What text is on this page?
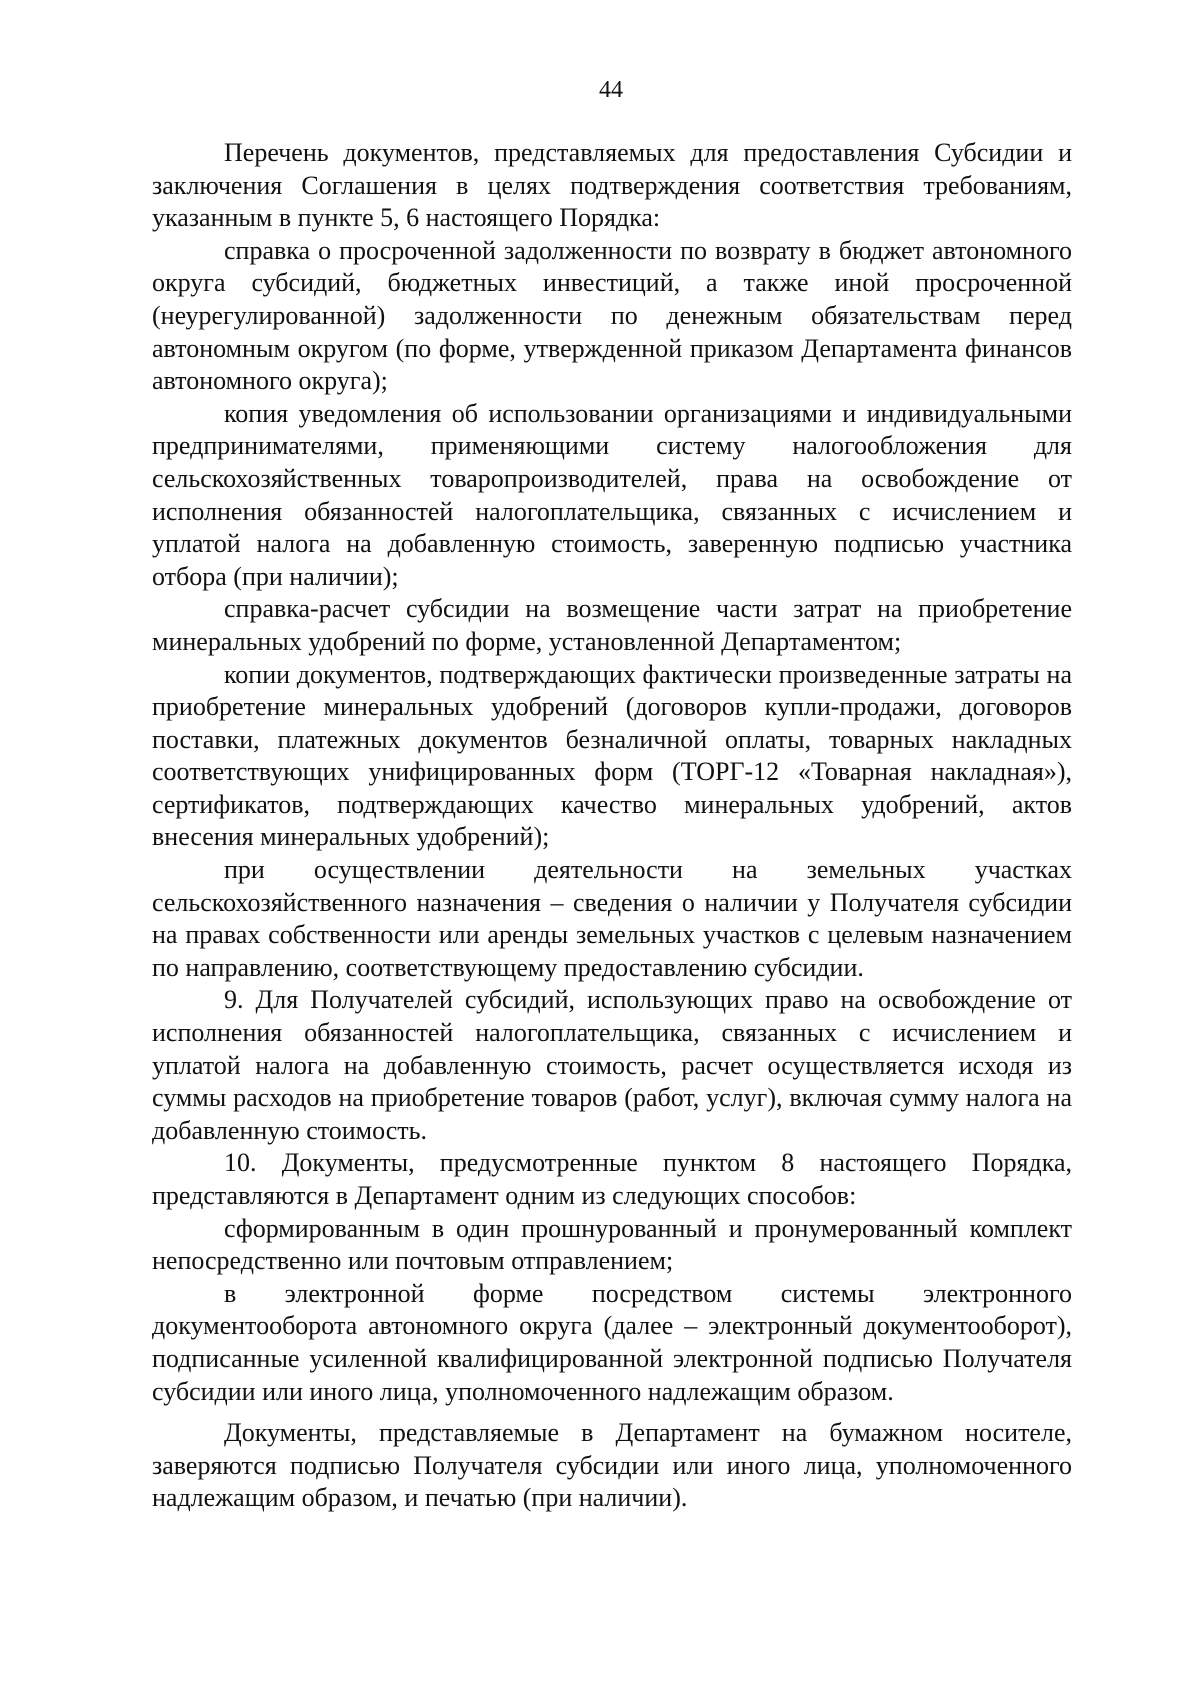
44

Перечень документов, представляемых для предоставления Субсидии и заключения Соглашения в целях подтверждения соответствия требованиям, указанным в пункте 5, 6 настоящего Порядка:

справка о просроченной задолженности по возврату в бюджет автономного округа субсидий, бюджетных инвестиций, а также иной просроченной (неурегулированной) задолженности по денежным обязательствам перед автономным округом (по форме, утвержденной приказом Департамента финансов автономного округа);

копия уведомления об использовании организациями и индивидуальными предпринимателями, применяющими систему налогообложения для сельскохозяйственных товаропроизводителей, права на освобождение от исполнения обязанностей налогоплательщика, связанных с исчислением и уплатой налога на добавленную стоимость, заверенную подписью участника отбора (при наличии);

справка-расчет субсидии на возмещение части затрат на приобретение минеральных удобрений по форме, установленной Департаментом;

копии документов, подтверждающих фактически произведенные затраты на приобретение минеральных удобрений (договоров купли-продажи, договоров поставки, платежных документов безналичной оплаты, товарных накладных соответствующих унифицированных форм (ТОРГ-12 «Товарная накладная»), сертификатов, подтверждающих качество минеральных удобрений, актов внесения минеральных удобрений);

при осуществлении деятельности на земельных участках сельскохозяйственного назначения – сведения о наличии у Получателя субсидии на правах собственности или аренды земельных участков с целевым назначением по направлению, соответствующему предоставлению субсидии.

9. Для Получателей субсидий, использующих право на освобождение от исполнения обязанностей налогоплательщика, связанных с исчислением и уплатой налога на добавленную стоимость, расчет осуществляется исходя из суммы расходов на приобретение товаров (работ, услуг), включая сумму налога на добавленную стоимость.

10. Документы, предусмотренные пунктом 8 настоящего Порядка, представляются в Департамент одним из следующих способов:

сформированным в один прошнурованный и пронумерованный комплект непосредственно или почтовым отправлением;

в электронной форме посредством системы электронного документооборота автономного округа (далее – электронный документооборот), подписанные усиленной квалифицированной электронной подписью Получателя субсидии или иного лица, уполномоченного надлежащим образом.

Документы, представляемые в Департамент на бумажном носителе, заверяются подписью Получателя субсидии или иного лица, уполномоченного надлежащим образом, и печатью (при наличии).
